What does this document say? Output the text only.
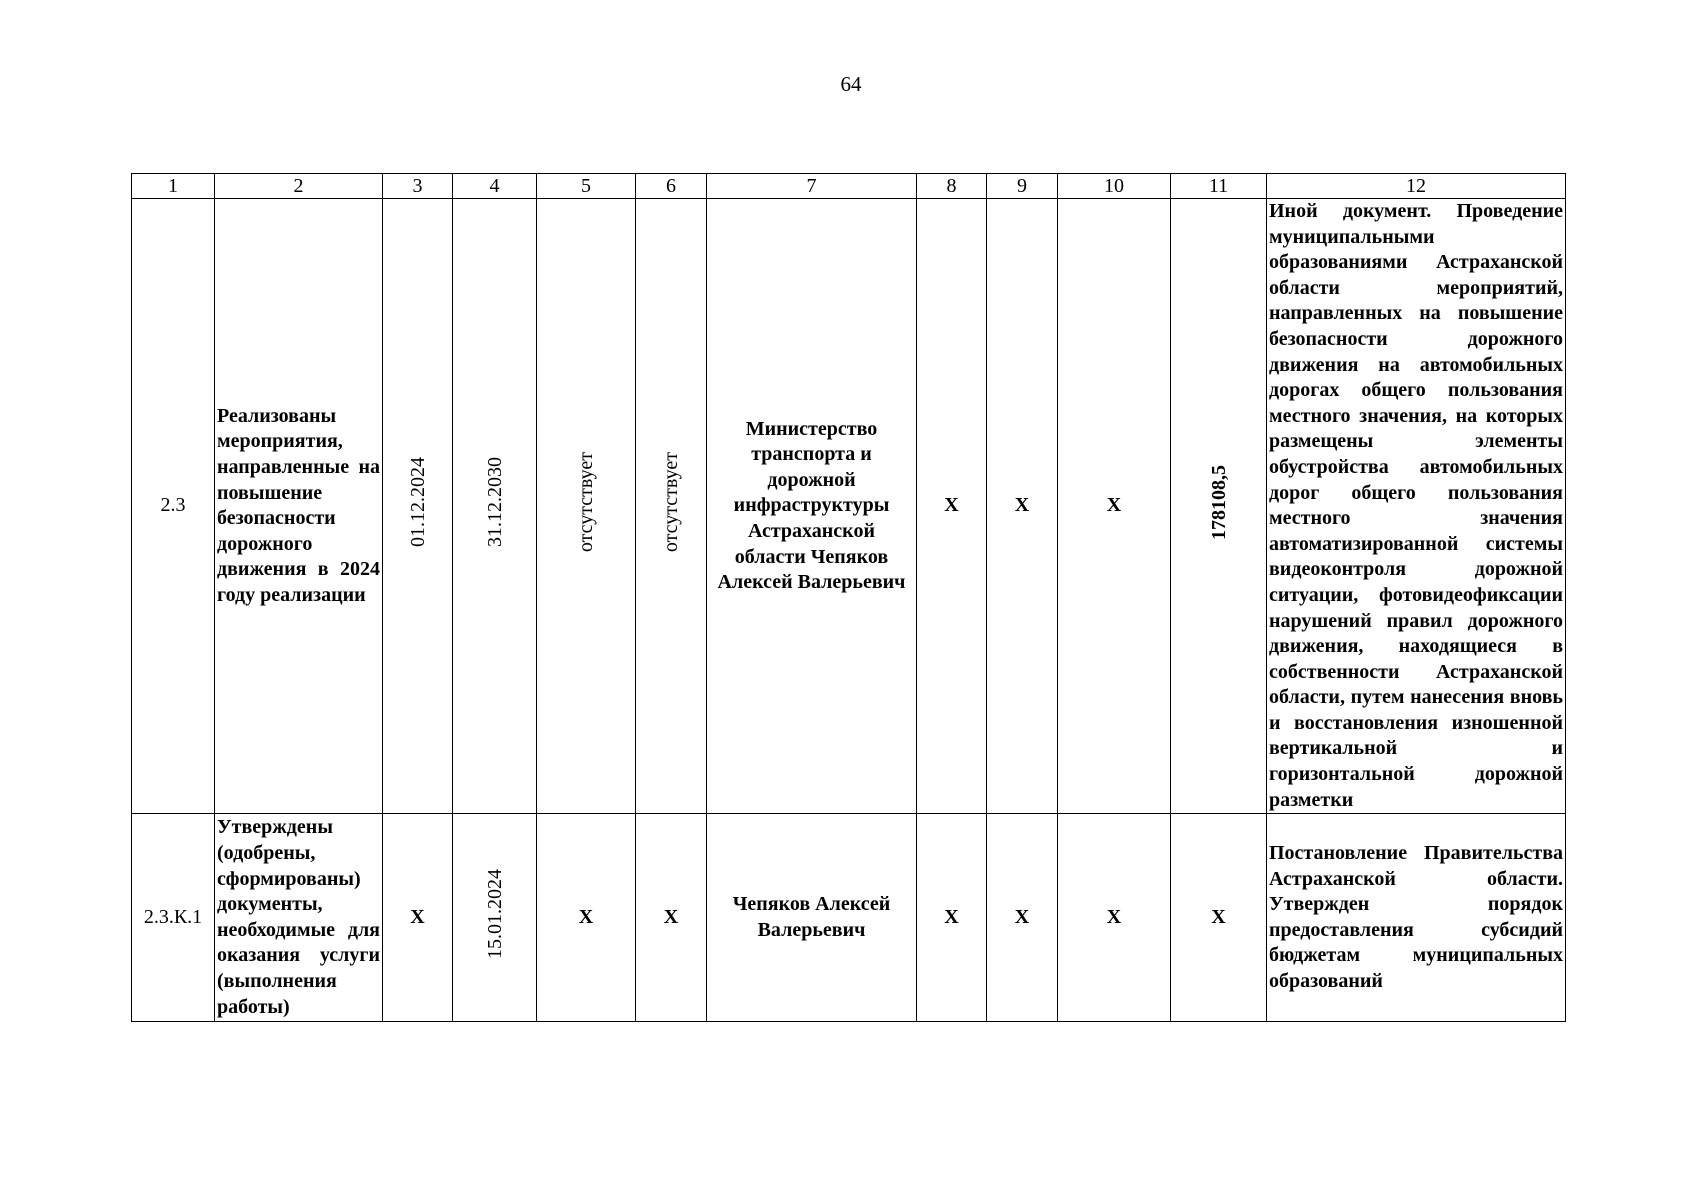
64
1	2	3	4	5	6	7	8	9	10	11	12
2.3	Реализованы мероприятия, направленные на повышение безопасности дорожного движения в 2024 году реализации	01.12.2024	31.12.2030	отсутствует	отсутствует	Министерство транспорта и дорожной инфраструктуры Астраханской области Чепяков Алексей Валерьевич	X	X	X	178108,5	Иной документ. Проведение муниципальными образованиями Астраханской области мероприятий, направленных на повышение безопасности дорожного движения на автомобильных дорогах общего пользования местного значения, на которых размещены элементы обустройства автомобильных дорог общего пользования местного значения автоматизированной системы видеоконтроля дорожной ситуации, фотовидеофиксации нарушений правил дорожного движения, находящиеся в собственности Астраханской области, путем нанесения вновь и восстановления изношенной вертикальной и горизонтальной дорожной разметки

2.3.К.1	Утверждены (одобрены, сформированы) документы, необходимые для оказания услуги (выполнения работы)	X	15.01.2024	X	X	Чепяков Алексей Валерьевич	X	X	X	X	Постановление Правительства Астраханской области. Утвержден порядок предоставления субсидий бюджетам муниципальных образований
